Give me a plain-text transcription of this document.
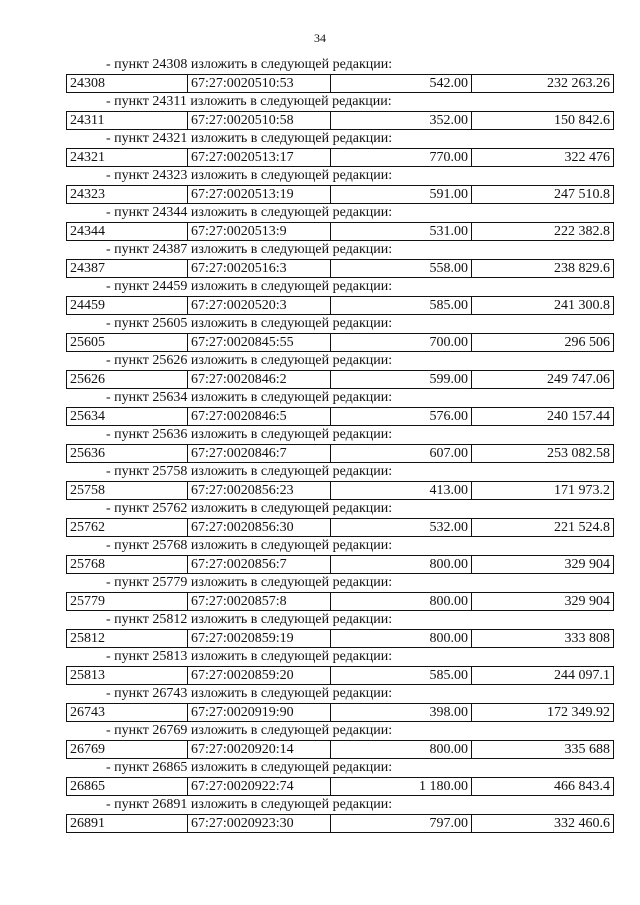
34
- пункт 24308 изложить в следующей редакции:
24308	67:27:0020510:53	542.00	232 263.26
- пункт 24311 изложить в следующей редакции:
24311	67:27:0020510:58	352.00	150 842.6
- пункт 24321 изложить в следующей редакции:
24321	67:27:0020513:17	770.00	322 476
- пункт 24323 изложить в следующей редакции:
24323	67:27:0020513:19	591.00	247 510.8
- пункт 24344 изложить в следующей редакции:
24344	67:27:0020513:9	531.00	222 382.8
- пункт 24387 изложить в следующей редакции:
24387	67:27:0020516:3	558.00	238 829.6
- пункт 24459 изложить в следующей редакции:
24459	67:27:0020520:3	585.00	241 300.8
- пункт 25605 изложить в следующей редакции:
25605	67:27:0020845:55	700.00	296 506
- пункт 25626 изложить в следующей редакции:
25626	67:27:0020846:2	599.00	249 747.06
- пункт 25634 изложить в следующей редакции:
25634	67:27:0020846:5	576.00	240 157.44
- пункт 25636 изложить в следующей редакции:
25636	67:27:0020846:7	607.00	253 082.58
- пункт 25758 изложить в следующей редакции:
25758	67:27:0020856:23	413.00	171 973.2
- пункт 25762 изложить в следующей редакции:
25762	67:27:0020856:30	532.00	221 524.8
- пункт 25768 изложить в следующей редакции:
25768	67:27:0020856:7	800.00	329 904
- пункт 25779 изложить в следующей редакции:
25779	67:27:0020857:8	800.00	329 904
- пункт 25812 изложить в следующей редакции:
25812	67:27:0020859:19	800.00	333 808
- пункт 25813 изложить в следующей редакции:
25813	67:27:0020859:20	585.00	244 097.1
- пункт 26743 изложить в следующей редакции:
26743	67:27:0020919:90	398.00	172 349.92
- пункт 26769 изложить в следующей редакции:
26769	67:27:0020920:14	800.00	335 688
- пункт 26865 изложить в следующей редакции:
26865	67:27:0020922:74	1 180.00	466 843.4
- пункт 26891 изложить в следующей редакции:
26891	67:27:0020923:30	797.00	332 460.6
